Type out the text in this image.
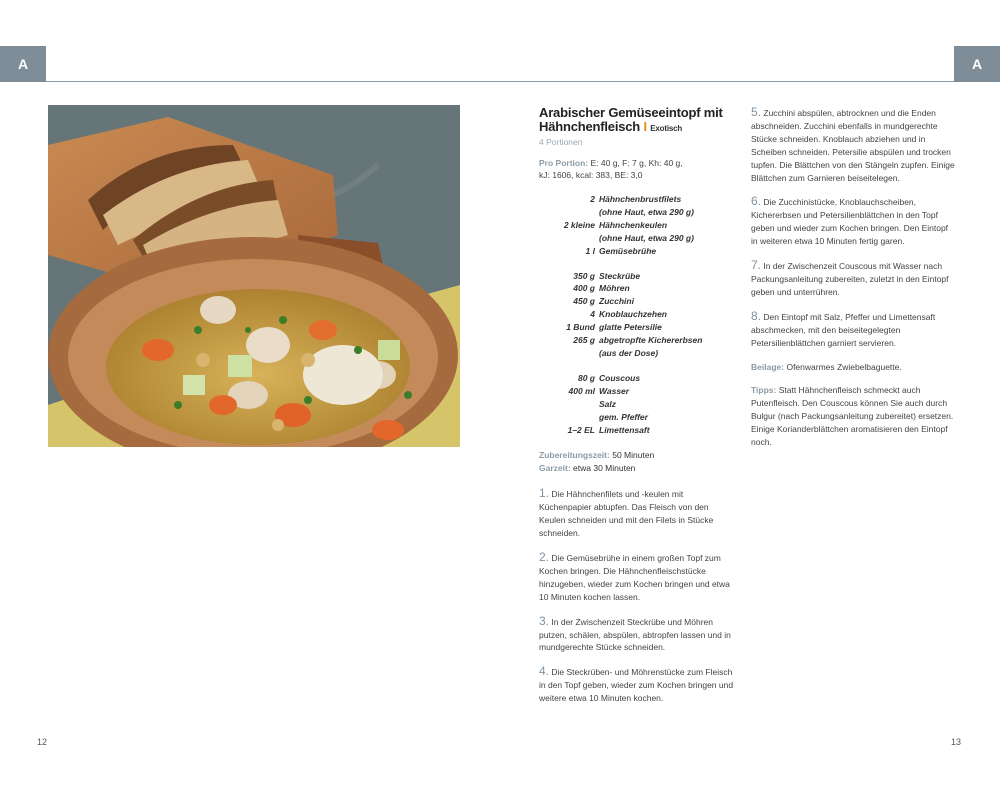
A	A
Arabischer Gemüseeintopf mit Hähnchenfleisch I Exotisch
4 Portionen
Pro Portion: E: 40 g, F: 7 g, Kh: 40 g,
kJ: 1606, kcal: 383, BE: 3,0
2 Hähnchenbrustfilets
(ohne Haut, etwa 290 g)
2 kleine Hähnchenkeulen
(ohne Haut, etwa 290 g)
1 l Gemüsebrühe
350 g Steckrübe
400 g Möhren
450 g Zucchini
4 Knoblauchzehen
1 Bund glatte Petersilie
265 g abgetropfte Kichererbsen
(aus der Dose)
80 g Couscous
400 ml Wasser
Salz
gem. Pfeffer
1–2 EL Limettensaft
Zubereitungszeit: 50 Minuten
Garzeit: etwa 30 Minuten
1. Die Hähnchenfilets und -keulen mit Küchenpapier abtupfen. Das Fleisch von den Keulen schneiden und mit den Filets in Stücke schneiden.
2. Die Gemüsebrühe in einem großen Topf zum Kochen bringen. Die Hähnchenfleischstücke hinzugeben, wieder zum Kochen bringen und etwa 10 Minuten kochen lassen.
3. In der Zwischenzeit Steckrübe und Möhren putzen, schälen, abspülen, abtropfen lassen und in mundgerechte Stücke schneiden.
4. Die Steckrüben- und Möhrenstücke zum Fleisch in den Topf geben, wieder zum Kochen bringen und weitere etwa 10 Minuten kochen.
5. Zucchini abspülen, abtrocknen und die Enden abschneiden. Zucchini ebenfalls in mundgerechte Stücke schneiden. Knoblauch abziehen und in Scheiben schneiden. Petersilie abspülen und trocken tupfen. Die Blättchen von den Stängeln zupfen. Einige Blättchen zum Garnieren beiseitelegen.
6. Die Zucchinistücke, Knoblauchscheiben, Kichererbsen und Petersilienblättchen in den Topf geben und wieder zum Kochen bringen. Den Eintopf in weiteren etwa 10 Minuten fertig garen.
7. In der Zwischenzeit Couscous mit Wasser nach Packungsanleitung zubereiten, zuletzt in den Eintopf geben und unterrühren.
8. Den Eintopf mit Salz, Pfeffer und Limettensaft abschmecken, mit den beiseitegelegten Petersilienblättchen garniert servieren.
Beilage: Ofenwarmes Zwiebelbaguette.
Tipps: Statt Hähnchenfleisch schmeckt auch Putenfleisch. Den Couscous können Sie auch durch Bulgur (nach Packungsanleitung zubereitet) ersetzen. Einige Korianderblättchen aromatisieren den Eintopf noch.
12	13
